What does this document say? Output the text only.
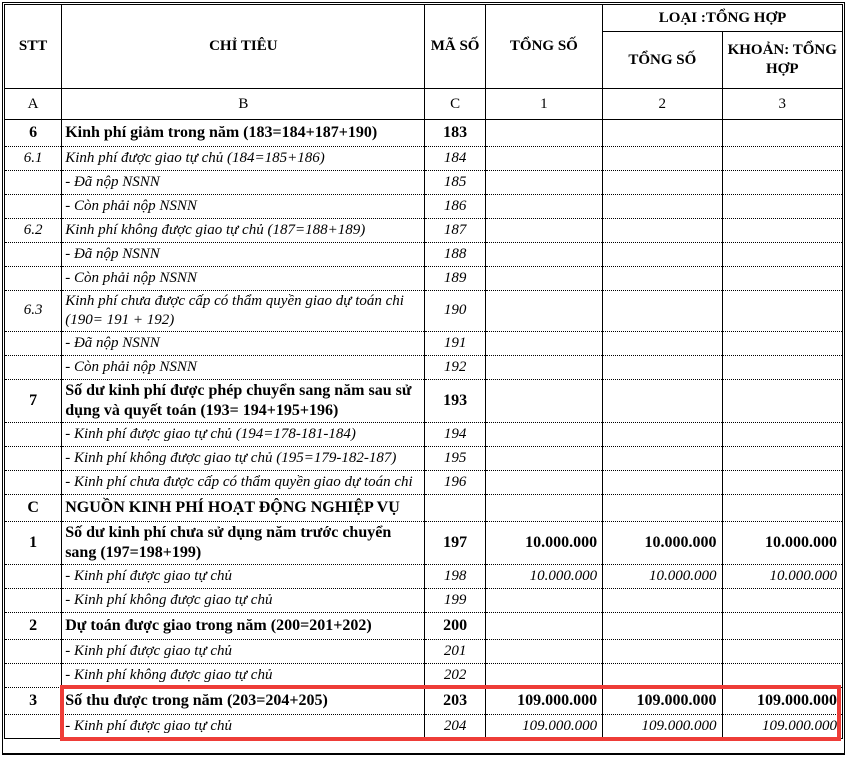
STT	CHỈ TIÊU	MÃ SỐ	TỔNG SỐ	LOẠI :TỔNG HỢP	
				TỔNG SỐ	KHOẢN: TỔNG HỢP
A	B	C	1	2	3
6	Kinh phí giảm trong năm (183=184+187+190)	183			
6.1	Kinh phí được giao tự chủ (184=185+186)	184			
	- Đã nộp NSNN	185			
	- Còn phải nộp NSNN	186			
6.2	Kinh phí không được giao tự chủ (187=188+189)	187			
	- Đã nộp NSNN	188			
	- Còn phải nộp NSNN	189			
6.3	Kinh phí chưa được cấp có thẩm quyền giao dự toán chi (190= 191 + 192)	190			
	- Đã nộp NSNN	191			
	- Còn phải nộp NSNN	192			
7	Số dư kinh phí được phép chuyển sang năm sau sử dụng và quyết toán (193= 194+195+196)	193			
	- Kinh phí được giao tự chủ (194=178-181-184)	194			
	- Kinh phí không được giao tự chủ (195=179-182-187)	195			
	- Kinh phí chưa được cấp có thẩm quyền giao dự toán chi	196			
C	NGUỒN KINH PHÍ HOẠT ĐỘNG NGHIỆP VỤ				
1	Số dư kinh phí chưa sử dụng năm trước chuyển sang (197=198+199)	197	10.000.000	10.000.000	10.000.000
	- Kinh phí được giao tự chủ	198	10.000.000	10.000.000	10.000.000
	- Kinh phí không được giao tự chủ	199			
2	Dự toán được giao trong năm (200=201+202)	200			
	- Kinh phí được giao tự chủ	201			
	- Kinh phí không được giao tự chủ	202			
3	Số thu được trong năm (203=204+205)	203	109.000.000	109.000.000	109.000.000
	- Kinh phí được giao tự chủ	204	109.000.000	109.000.000	109.000.000
